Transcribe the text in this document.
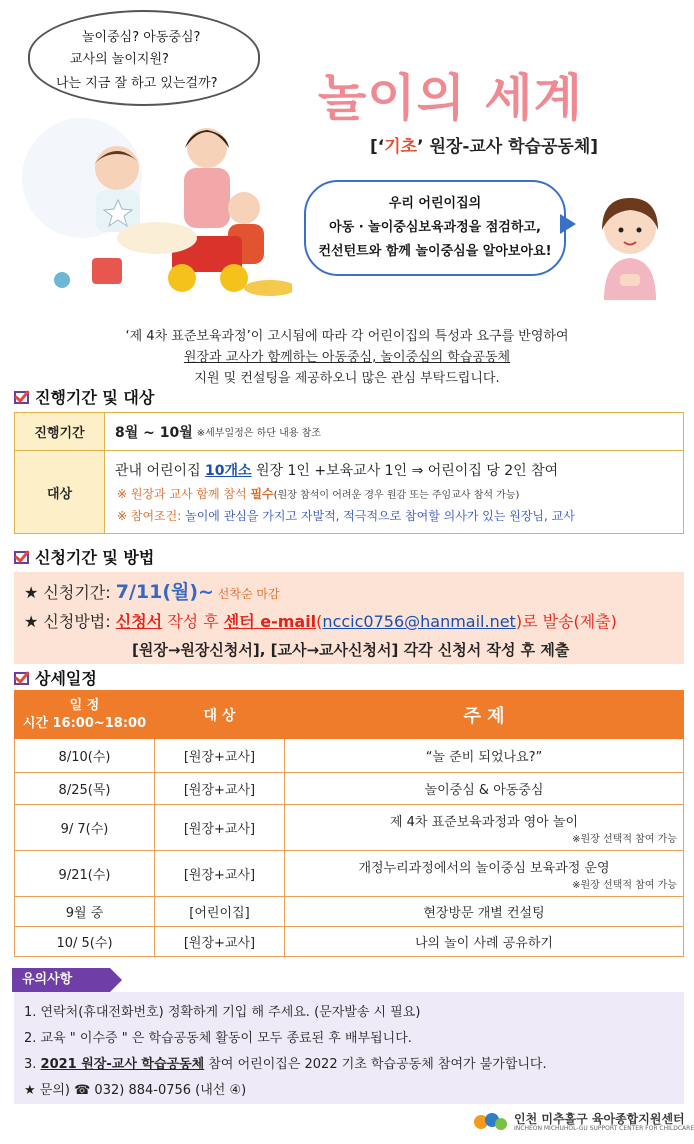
놀이중심? 아동중심?
교사의 놀이지원?
나는 지금 잘 하고 있는걸까? 놀이의 세계
[‘기초’ 원장-교사 학습공동체]
우리 어린이집의
아동 · 놀이중심보육과정을 점검하고,
컨선턴트와 함께 놀이중심을 알아보아요!
‘제 4차 표준보육과정’이 고시됨에 따라 각 어린이집의 특성과 요구를 반영하여
원장과 교사가 함께하는 아동중심, 놀이중심의 학습공동체
지원 및 컨설팅을 제공하오니 많은 관심 부탁드립니다.
진행기간 및 대상
진행기간	8월 ~ 10월 ※세부일정은 하단 내용 참조
대상
관내 어린이집 10개소 원장 1인 +보육교사 1인 ⇒ 어린이집 당 2인 참여
※ 원장과 교사 함께 참석 필수(원장 참석이 어려운 경우 원감 또는 주임교사 참석 가능)
※ 참여조건: 놀이에 관심을 가지고 자발적, 적극적으로 참여할 의사가 있는 원장님, 교사
신청기간 및 방법
★ 신청기간: 7/11(월)~ 선착순 마감
★ 신청방법: 신청서 작성 후 센터 e-mail(nccic0756@hanmail.net)로 발송(제출)
[원장→원장신청서], [교사→교사신청서] 각각 신청서 작성 후 제출
상세일정
일 정
시간 16:00~18:00	대 상	주 제
8/10(수)	[원장+교사]	“놀 준비 되었나요?”
8/25(목)	[원장+교사]	놀이중심 & 아동중심
9/ 7(수)	[원장+교사]	제 4차 표준보육과정과 영아 놀이
※원장 선택적 참여 가능

9/21(수)	[원장+교사]	개정누리과정에서의 놀이중심 보육과정 운영
※원장 선택적 참여 가능

9월 중	[어린이집]	현장방문 개별 컨설팅
10/ 5(수)	[원장+교사]	나의 놀이 사례 공유하기
유의사항
1. 연락처(휴대전화번호) 정확하게 기입 해 주세요. (문자발송 시 필요)
2. 교육 " 이수증 " 은 학습공동체 활동이 모두 종료된 후 배부됩니다.
3. 2021 원장-교사 학습공동체 참여 어린이집은 2022 기초 학습공동체 참여가 불가합니다.
★ 문의) ☎ 032) 884-0756 (내선 ④)
인천 미추홀구 육아종합지원센터
INCHEON MICHUHOL-GU SUPPORT CENTER FOR CHILDCARE
